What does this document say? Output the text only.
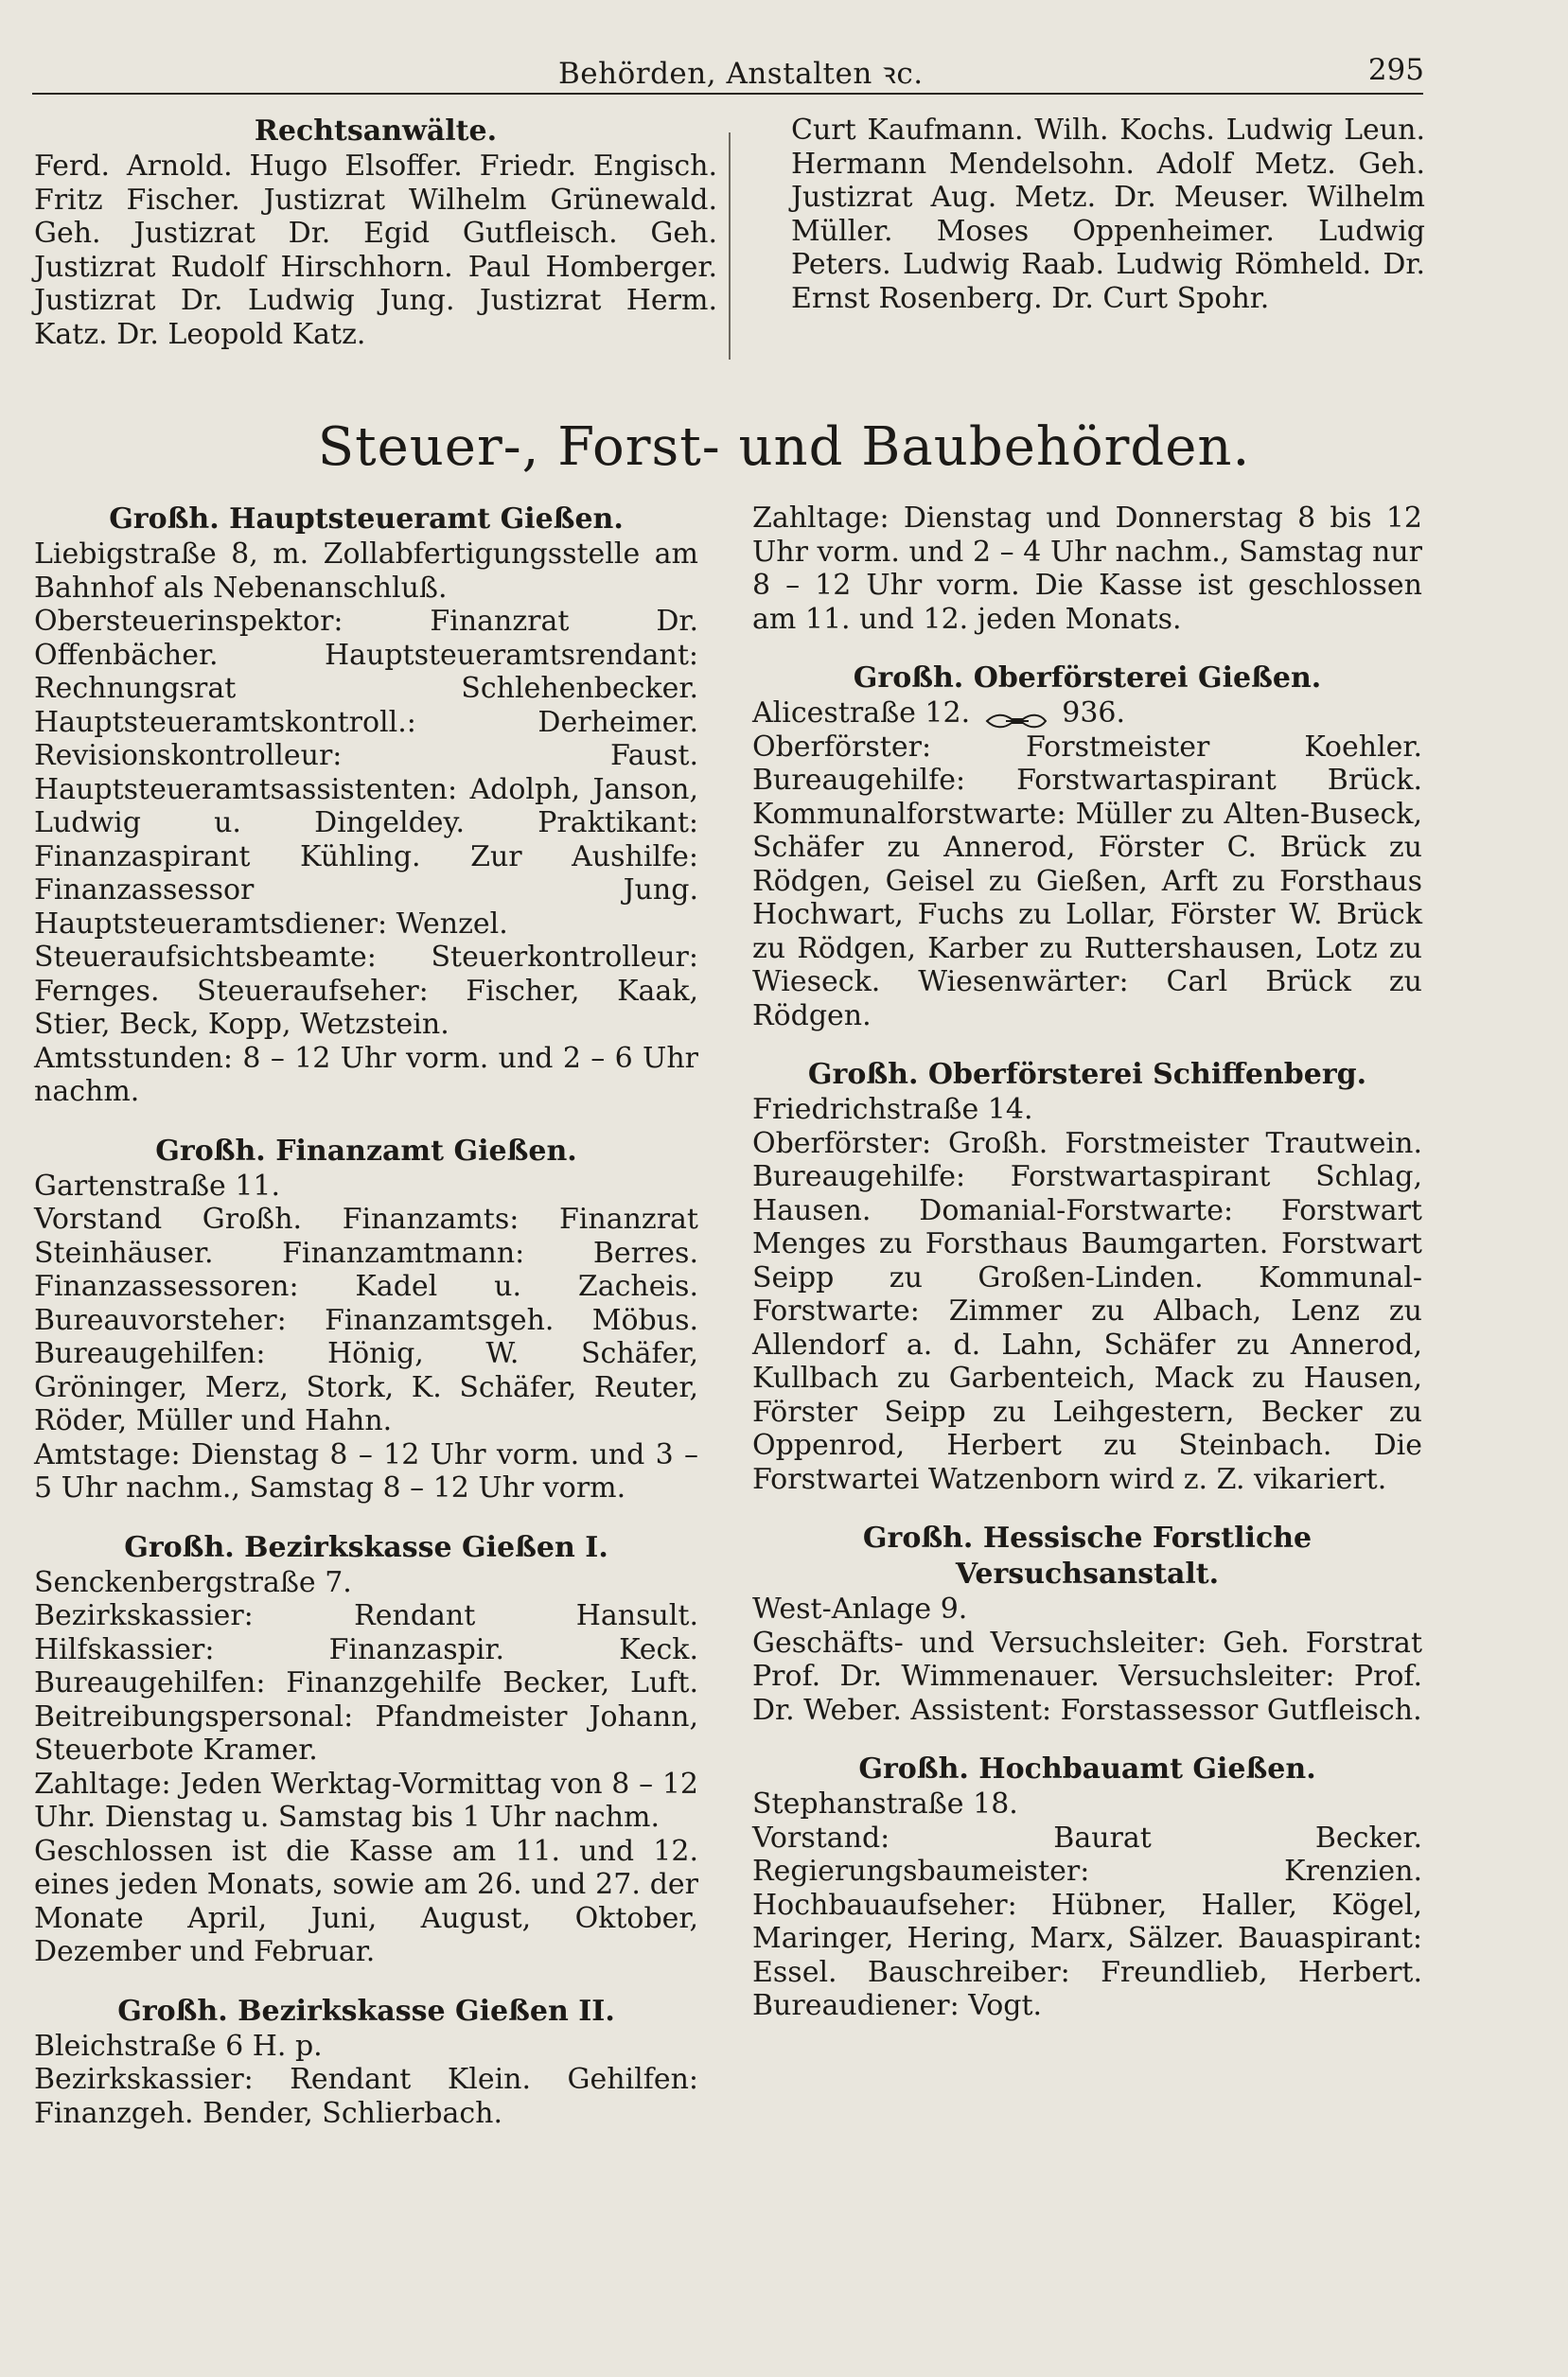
Behörden, Anstalten ꝛc.	295
Rechtsanwälte.

Ferd. Arnold. Hugo Elsoffer. Friedr. Engisch. Fritz Fischer. Justizrat Wilhelm Grünewald. Geh. Justizrat Dr. Egid Gutfleisch. Geh. Justizrat Rudolf Hirschhorn. Paul Homberger. Justizrat Dr. Ludwig Jung. Justizrat Herm. Katz. Dr. Leopold Katz.

Curt Kaufmann. Wilh. Kochs. Ludwig Leun. Hermann Mendelsohn. Adolf Metz. Geh. Justizrat Aug. Metz. Dr. Meuser. Wilhelm Müller. Moses Oppenheimer. Ludwig Peters. Ludwig Raab. Ludwig Römheld. Dr. Ernst Rosenberg. Dr. Curt Spohr.

Steuer-, Forst- und Baubehörden.
Großh. Hauptsteueramt Gießen.

Liebigstraße 8, m. Zollabfertigungsstelle am Bahnhof als Nebenanschluß.

Obersteuerinspektor: Finanzrat Dr. Offenbächer. Hauptsteueramtsrendant: Rechnungsrat Schlehenbecker. Hauptsteueramtskontroll.: Derheimer. Revisionskontrolleur: Faust. Hauptsteueramtsassistenten: Adolph, Janson, Ludwig u. Dingeldey. Praktikant: Finanzaspirant Kühling. Zur Aushilfe: Finanzassessor Jung. Hauptsteueramtsdiener: Wenzel.

Steueraufsichtsbeamte: Steuerkontrolleur: Fernges. Steueraufseher: Fischer, Kaak, Stier, Beck, Kopp, Wetzstein.

Amtsstunden: 8 – 12 Uhr vorm. und 2 – 6 Uhr nachm.

Großh. Finanzamt Gießen.

Gartenstraße 11.

Vorstand Großh. Finanzamts: Finanzrat Steinhäuser. Finanzamtmann: Berres. Finanzassessoren: Kadel u. Zacheis. Bureauvorsteher: Finanzamtsgeh. Möbus. Bureaugehilfen: Hönig, W. Schäfer, Gröninger, Merz, Stork, K. Schäfer, Reuter, Röder, Müller und Hahn.

Amtstage: Dienstag 8 – 12 Uhr vorm. und 3 – 5 Uhr nachm., Samstag 8 – 12 Uhr vorm.

Großh. Bezirkskasse Gießen I.

Senckenbergstraße 7.

Bezirkskassier: Rendant Hansult. Hilfskassier: Finanzaspir. Keck. Bureaugehilfen: Finanzgehilfe Becker, Luft. Beitreibungspersonal: Pfandmeister Johann, Steuerbote Kramer.

Zahltage: Jeden Werktag-Vormittag von 8 – 12 Uhr. Dienstag u. Samstag bis 1 Uhr nachm.

Geschlossen ist die Kasse am 11. und 12. eines jeden Monats, sowie am 26. und 27. der Monate April, Juni, August, Oktober, Dezember und Februar.

Großh. Bezirkskasse Gießen II.

Bleichstraße 6 H. p.

Bezirkskassier: Rendant Klein. Gehilfen: Finanzgeh. Bender, Schlierbach.

Zahltage: Dienstag und Donnerstag 8 bis 12 Uhr vorm. und 2 – 4 Uhr nachm., Samstag nur 8 – 12 Uhr vorm. Die Kasse ist geschlossen am 11. und 12. jeden Monats.

Großh. Oberförsterei Gießen.

Alicestraße 12.	936.

Oberförster: Forstmeister Koehler. Bureaugehilfe: Forstwartaspirant Brück. Kommunalforstwarte: Müller zu Alten-Buseck, Schäfer zu Annerod, Förster C. Brück zu Rödgen, Geisel zu Gießen, Arft zu Forsthaus Hochwart, Fuchs zu Lollar, Förster W. Brück zu Rödgen, Karber zu Ruttershausen, Lotz zu Wieseck. Wiesenwärter: Carl Brück zu Rödgen.

Großh. Oberförsterei Schiffenberg.

Friedrichstraße 14.

Oberförster: Großh. Forstmeister Trautwein. Bureaugehilfe: Forstwartaspirant Schlag, Hausen. Domanial-Forstwarte: Forstwart Menges zu Forsthaus Baumgarten. Forstwart Seipp zu Großen-Linden. Kommunal-Forstwarte: Zimmer zu Albach, Lenz zu Allendorf a. d. Lahn, Schäfer zu Annerod, Kullbach zu Garbenteich, Mack zu Hausen, Förster Seipp zu Leihgestern, Becker zu Oppenrod, Herbert zu Steinbach. Die Forstwartei Watzenborn wird z. Z. vikariert.

Großh. Hessische Forstliche Versuchsanstalt.

West-Anlage 9.

Geschäfts- und Versuchsleiter: Geh. Forstrat Prof. Dr. Wimmenauer. Versuchsleiter: Prof. Dr. Weber. Assistent: Forstassessor Gutfleisch.

Großh. Hochbauamt Gießen.

Stephanstraße 18.

Vorstand: Baurat Becker. Regierungsbaumeister: Krenzien. Hochbauaufseher: Hübner, Haller, Kögel, Maringer, Hering, Marx, Sälzer. Bauaspirant: Essel. Bauschreiber: Freundlieb, Herbert. Bureaudiener: Vogt.
